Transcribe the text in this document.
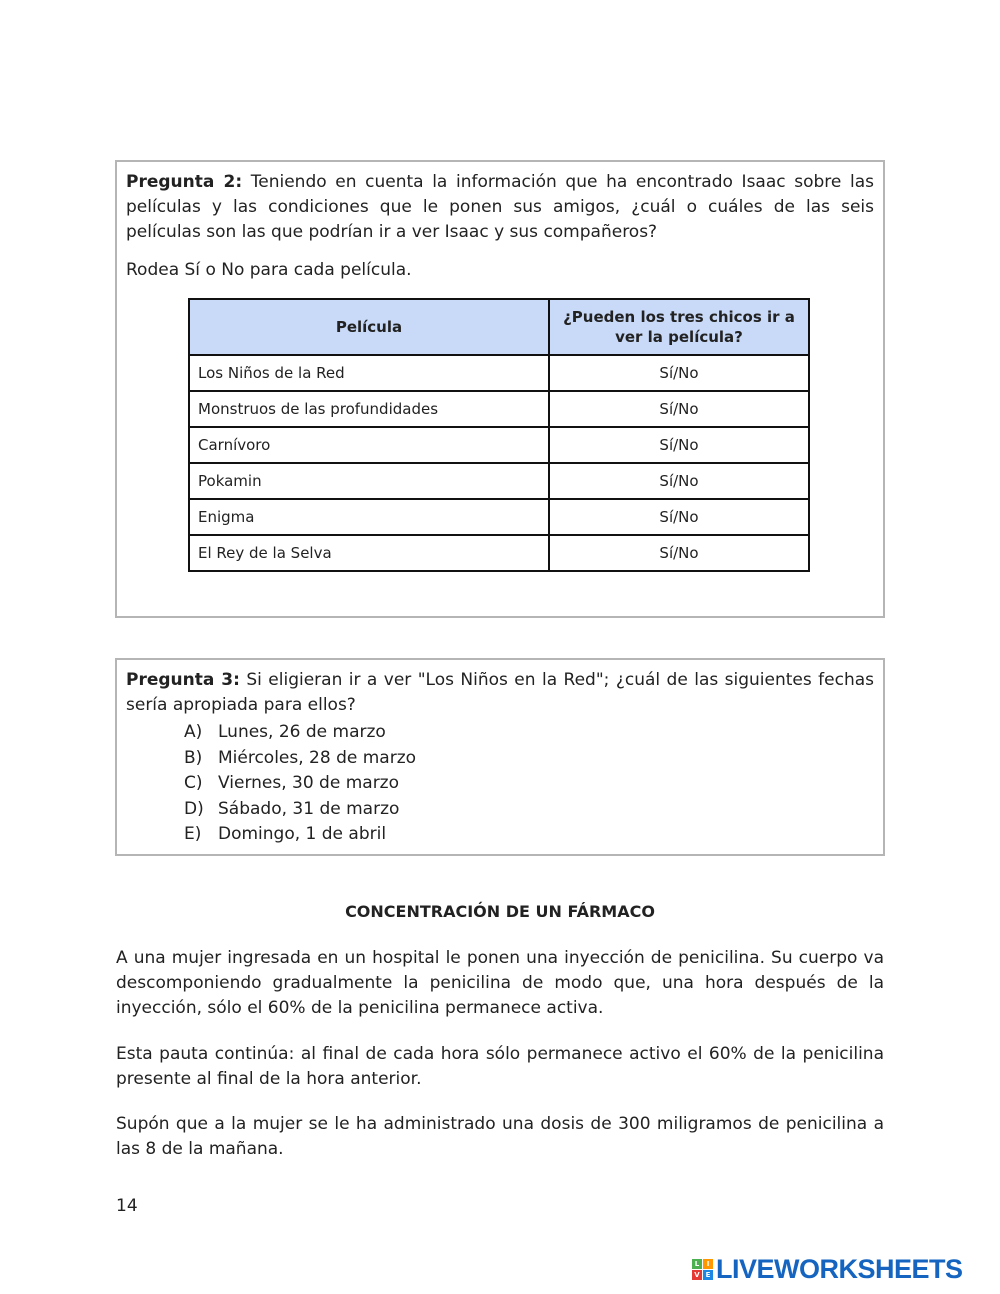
Pregunta 2: Teniendo en cuenta la información que ha encontrado Isaac sobre las películas y las condiciones que le ponen sus amigos, ¿cuál o cuáles de las seis películas son las que podrían ir a ver Isaac y sus compañeros?

Rodea Sí o No para cada película.

Película	¿Pueden los tres chicos ir a ver la película?
Los Niños de la Red	Sí/No
Monstruos de las profundidades	Sí/No
Carnívoro	Sí/No
Pokamin	Sí/No
Enigma	Sí/No
El Rey de la Selva	Sí/No

Pregunta 3: Si eligieran ir a ver "Los Niños en la Red"; ¿cuál de las siguientes fechas sería apropiada para ellos?

A) Lunes, 26 de marzo
B) Miércoles, 28 de marzo
C) Viernes, 30 de marzo
D) Sábado, 31 de marzo
E) Domingo, 1 de abril
CONCENTRACIÓN DE UN FÁRMACO

A una mujer ingresada en un hospital le ponen una inyección de penicilina. Su cuerpo va descomponiendo gradualmente la penicilina de modo que, una hora después de la inyección, sólo el 60% de la penicilina permanece activa.

Esta pauta continúa: al final de cada hora sólo permanece activo el 60% de la penicilina presente al final de la hora anterior.

Supón que a la mujer se le ha administrado una dosis de 300 miligramos de penicilina a las 8 de la mañana.

14
L	I
V E LIVEWORKSHEETS
